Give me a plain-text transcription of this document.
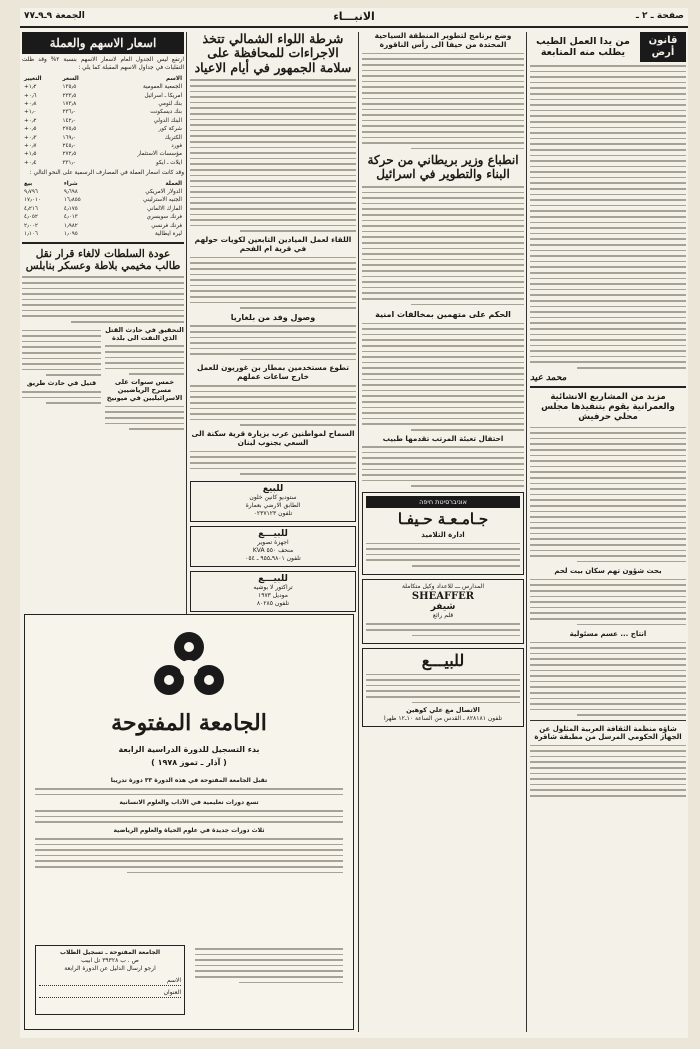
صفحة ـ ٢ ـ
الانبـــاء
الجمعة ٩ـ٩ـ٧٧
قانون أرض
من يدا العمل الطيب يطلب منه المتابعة
محمد عيد
مزيد من المشاريع الانشائية والعمرانية يقوم بتنفيذها مجلس محلي حرفيش
بحث شؤون تهم سكان بيت لحم
انتاج ... عسم مسئولية
شاؤه منظمة الثقافة العربية المثلول عن الجهاز الحكومي المرسل من مطبقة شاقرة
وضع برنامج لتطوير المنطقة السياحية المحتدة من حيفا الى رأس الناقورة
انطباع وزير بريطاني من حركة البناء والتطوير في اسرائيل
الحكم على متهمين بمخالفات امنية
احتفال تعبئة المرتب تقدمها طبيب
אוניברסיטת חיפה
جـامـعـة حـيفـا
ادارة التلاميذ
المدارس ـــ للاعداد وكيل متكاملة
SHEAFFER
شيفر
قلم رائع
للبيـــع
الاتصال مع علي كوهين
تلفون ٨٢٨١٨١ ـ القدس من الساعة ١٠ـ١٢ ظهرا
شرطة اللواء الشمالي تتخذ الاجراءات للمحافظة على سلامة الجمهور في أيام الاعياد
اللقاء لعمل الميادين التابعين لكويات حولهم في قرية ام الفحم
وصول وفد من بلغاريا
تطوع مستخدمين بمطار بن غوريون للعمل خارج ساعات عملهم
السماح لمواطنين عرب بزيارة قرية سكنة الى السعي بجنوب لبنان
للبيع
ستوديو كانين خلون
الطابق الارضي بعمارة
تلفون ٠٢٣٧١٢٣
للبيـــع
اجهزة تصوير
منحف ٥٥٠ KVA
تلفون ٩٨٠١ـ٩٥٥ ـ ٠٥٤
للبيـــع
تراكتور لا بوشيه
موديل ١٩٧٣
تلفون ٨٠٢٨٥
اسعار الاسهم والعملة
ارتفع ليس الجدول العام لاسعار الاسهم بنسبة ٢% وقد ظلت التقلبات في جداول الاسهم المقبلة كما يلي :
الاسم	السعر	التغيير
الجمعية العمومية	١٣٥٫٥	+١٫٢
امريكا ـ اسرائيل	٢٣٣٫٥	+٠٫٦
بنك لئومي	١٧٣٫٨	+٠٫٨
بنك ديسكونت	٢٣٦٫٠	+١٫٠
البنك الدولي	١٤٢٫٠	+٠٫٢
شركة كور	٢٧٥٫٥	+٠٫٥
الكتريك	١٦٩٫٠	+٠٫٣
فورد	٢٤٥٫٠	+٠٫٧
مؤسسات الاستثمار	٢٧٢٫٥	+١٫٥
ايلات ـ ايكو	٣٣١٫٠	+٠٫٤
وقد كانت اسعار العملة في المصارف الرسمية على النحو التالي :
العملة	شراء	بيع
الدولار الامريكي	٩٫٦٩٨	٩٫٧٩٦
الجنيه الاسترليني	١٦٫٨٥٥	١٧٫٠١٠
المارك الالماني	٤٫١٧٥	٤٫٢١٦
فرنك سويسري	٤٫٠١٣	٤٫٠٥٢
فرنك فرنسي	١٫٩٨٢	٢٫٠٠٢
ليرة ايطالية	١٫٠٩٥	١٫١٠٦
عودة السلطات لالغاء قرار نقل طالب مخيمي بلاطة وعسكر بنابلس
التحقيق في حادث القتل الذي التفت الى بلدة
خمس سنوات على مسرح الرياضيين الاسرائيليين في ميونيخ
قتيل في حادث طريق
الجامعة المفتوحة
بدء التسجيل للدورة الدراسية الرابعة
( آذار ـ تموز ١٩٧٨ )
تقبل الجامعة المفتوحة في هذه الدورة ٣٣ دورة تدريبا
تسع دورات تعليمية في الآداب والعلوم الانسانية
ثلاث دورات جديدة في علوم الحياة والعلوم الرياضية
الجامعة المفتوحة ـ تسجيل الطلاب
ص . ب ٣٩٣٢٨ تل ابيب
ارجو ارسال الدليل عن الدورة الرابعة
الاسم
العنوان
